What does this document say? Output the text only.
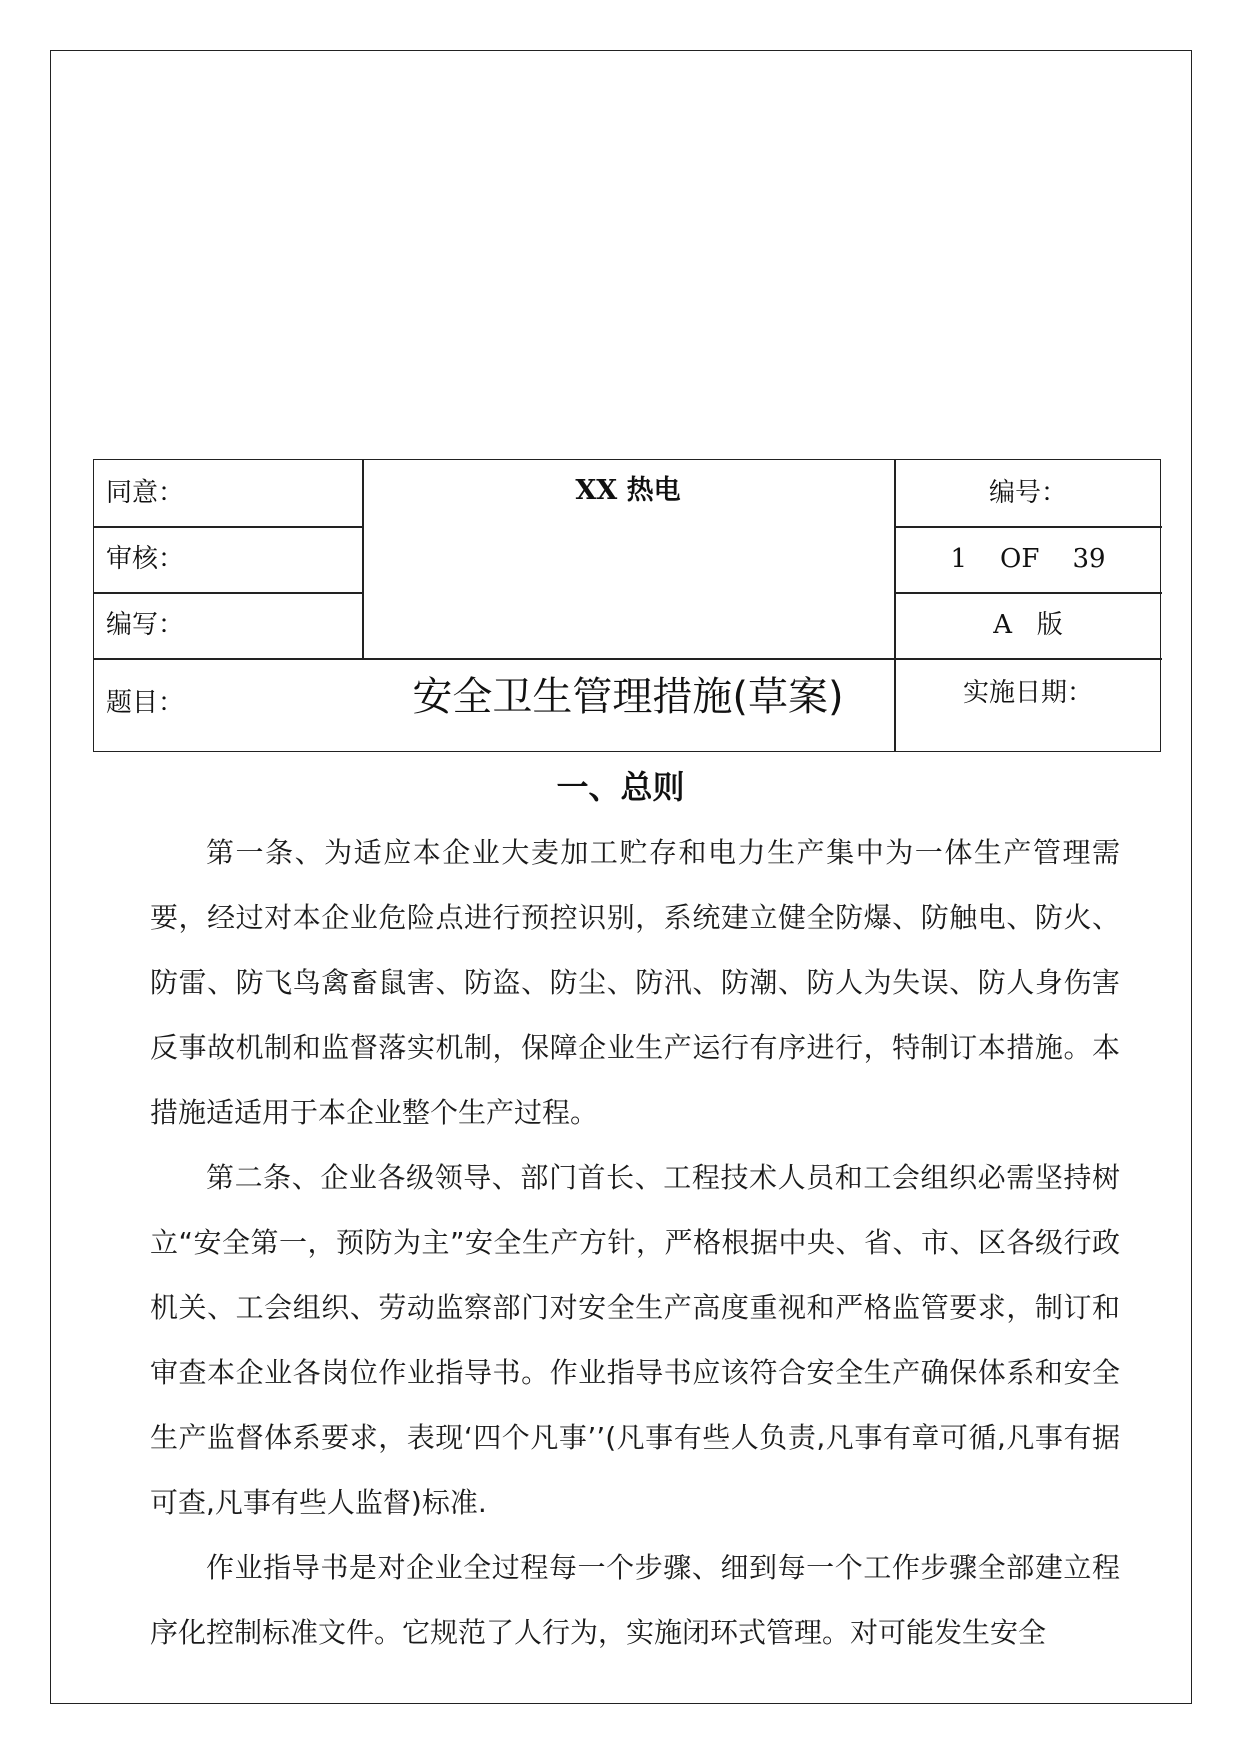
同意：
审核：
编写：
题目：
XX 热电
安全卫生管理措施(草案)
编号：
1    OF    39
A   版
实施日期：
一、总则

第一条、为适应本企业大麦加工贮存和电力生产集中为一体生产管理需要，经过对本企业危险点进行预控识别，系统建立健全防爆、防触电、防火、防雷、防飞鸟禽畜鼠害、防盗、防尘、防汛、防潮、防人为失误、防人身伤害反事故机制和监督落实机制，保障企业生产运行有序进行，特制订本措施。本措施适适用于本企业整个生产过程。

第二条、企业各级领导、部门首长、工程技术人员和工会组织必需坚持树立“安全第一，预防为主”安全生产方针，严格根据中央、省、市、区各级行政机关、工会组织、劳动监察部门对安全生产高度重视和严格监管要求，制订和审查本企业各岗位作业指导书。作业指导书应该符合安全生产确保体系和安全生产监督体系要求，表现‘四个凡事’’(凡事有些人负责,凡事有章可循,凡事有据可查,凡事有些人监督)标准.

作业指导书是对企业全过程每一个步骤、细到每一个工作步骤全部建立程序化控制标准文件。它规范了人行为，实施闭环式管理。对可能发生安全
